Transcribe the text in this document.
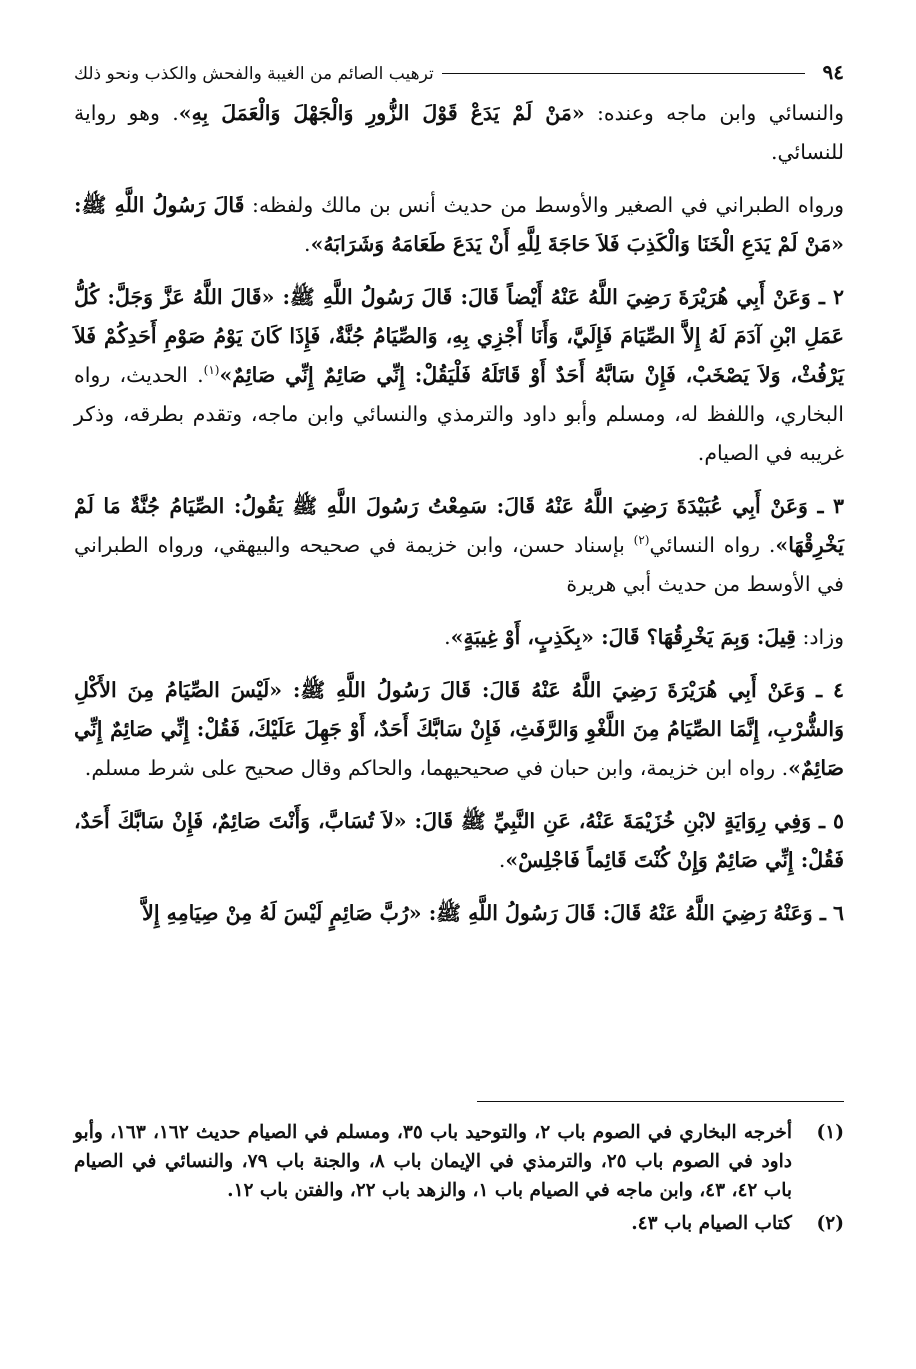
٩٤
ترهيب الصائم من الغيبة والفحش والكذب ونحو ذلك

والنسائي وابن ماجه وعنده: «مَنْ لَمْ يَدَعْ قَوْلَ الزُّورِ وَالْجَهْلَ وَالْعَمَلَ بِهِ». وهو رواية للنسائي.

ورواه الطبراني في الصغير والأوسط من حديث أنس بن مالك ولفظه: قَالَ رَسُولُ اللَّهِ ﷺ: «مَنْ لَمْ يَدَعِ الْخَنَا وَالْكَذِبَ فَلاَ حَاجَةَ لِلَّهِ أَنْ يَدَعَ طَعَامَهُ وَشَرَابَهُ».

٢ ـ وَعَنْ أَبِي هُرَيْرَةَ رَضِيَ اللَّهُ عَنْهُ أَيْضاً قَالَ: قَالَ رَسُولُ اللَّهِ ﷺ: «قَالَ اللَّهُ عَزَّ وَجَلَّ: كُلُّ عَمَلِ ابْنِ آدَمَ لَهُ إِلاَّ الصِّيَامَ فَإِلَيَّ، وَأَنَا أَجْزِي بِهِ، وَالصِّيَامُ جُنَّةٌ، فَإِذَا كَانَ يَوْمُ صَوْمِ أَحَدِكُمْ فَلاَ يَرْفُثْ، وَلاَ يَصْخَبْ، فَإِنْ سَابَّهُ أَحَدٌ أَوْ قَاتَلَهُ فَلْيَقُلْ: إِنِّي صَائِمٌ إِنِّي صَائِمٌ»$^{(١)}$. الحديث، رواه البخاري، واللفظ له، ومسلم وأبو داود والترمذي والنسائي وابن ماجه، وتقدم بطرقه، وذكر غريبه في الصيام.

٣ ـ وَعَنْ أَبِي عُبَيْدَةَ رَضِيَ اللَّهُ عَنْهُ قَالَ: سَمِعْتُ رَسُولَ اللَّهِ ﷺ يَقُولُ: الصِّيَامُ جُنَّةٌ مَا لَمْ يَخْرِقْهَا». رواه النسائي$^{(٢)}$ بإسناد حسن، وابن خزيمة في صحيحه والبيهقي، ورواه الطبراني في الأوسط من حديث أبي هريرة

وزاد: قِيلَ: وَبِمَ يَخْرِقُهَا؟ قَالَ: «بِكَذِبٍ، أَوْ غِيبَةٍ».

٤ ـ وَعَنْ أَبِي هُرَيْرَةَ رَضِيَ اللَّهُ عَنْهُ قَالَ: قَالَ رَسُولُ اللَّهِ ﷺ: «لَيْسَ الصِّيَامُ مِنَ الأَكْلِ وَالشُّرْبِ، إِنَّمَا الصِّيَامُ مِنَ اللَّغْوِ وَالرَّفَثِ، فَإِنْ سَابَّكَ أَحَدٌ، أَوْ جَهِلَ عَلَيْكَ، فَقُلْ: إِنِّي صَائِمٌ إِنِّي صَائِمٌ». رواه ابن خزيمة، وابن حبان في صحيحيهما، والحاكم وقال صحيح على شرط مسلم.

٥ ـ وَفِي رِوَايَةٍ لابْنِ خُزَيْمَةَ عَنْهُ، عَنِ النَّبِيِّ ﷺ قَالَ: «لاَ تُسَابَّ، وَأَنْتَ صَائِمٌ، فَإِنْ سَابَّكَ أَحَدٌ، فَقُلْ: إِنِّي صَائِمٌ وَإِنْ كُنْتَ قَائِماً فَاجْلِسْ».

٦ ـ وَعَنْهُ رَضِيَ اللَّهُ عَنْهُ قَالَ: قَالَ رَسُولُ اللَّهِ ﷺ: «رُبَّ صَائِمٍ لَيْسَ لَهُ مِنْ صِيَامِهِ إِلاَّ

(١)
أخرجه البخاري في الصوم باب ٢، والتوحيد باب ٣٥، ومسلم في الصيام حديث ١٦٢، ١٦٣، وأبو داود في الصوم باب ٢٥، والترمذي في الإيمان باب ٨، والجنة باب ٧٩، والنسائي في الصيام باب ٤٢، ٤٣، وابن ماجه في الصيام باب ١، والزهد باب ٢٢، والفتن باب ١٢.
(٢)
كتاب الصيام باب ٤٣.
